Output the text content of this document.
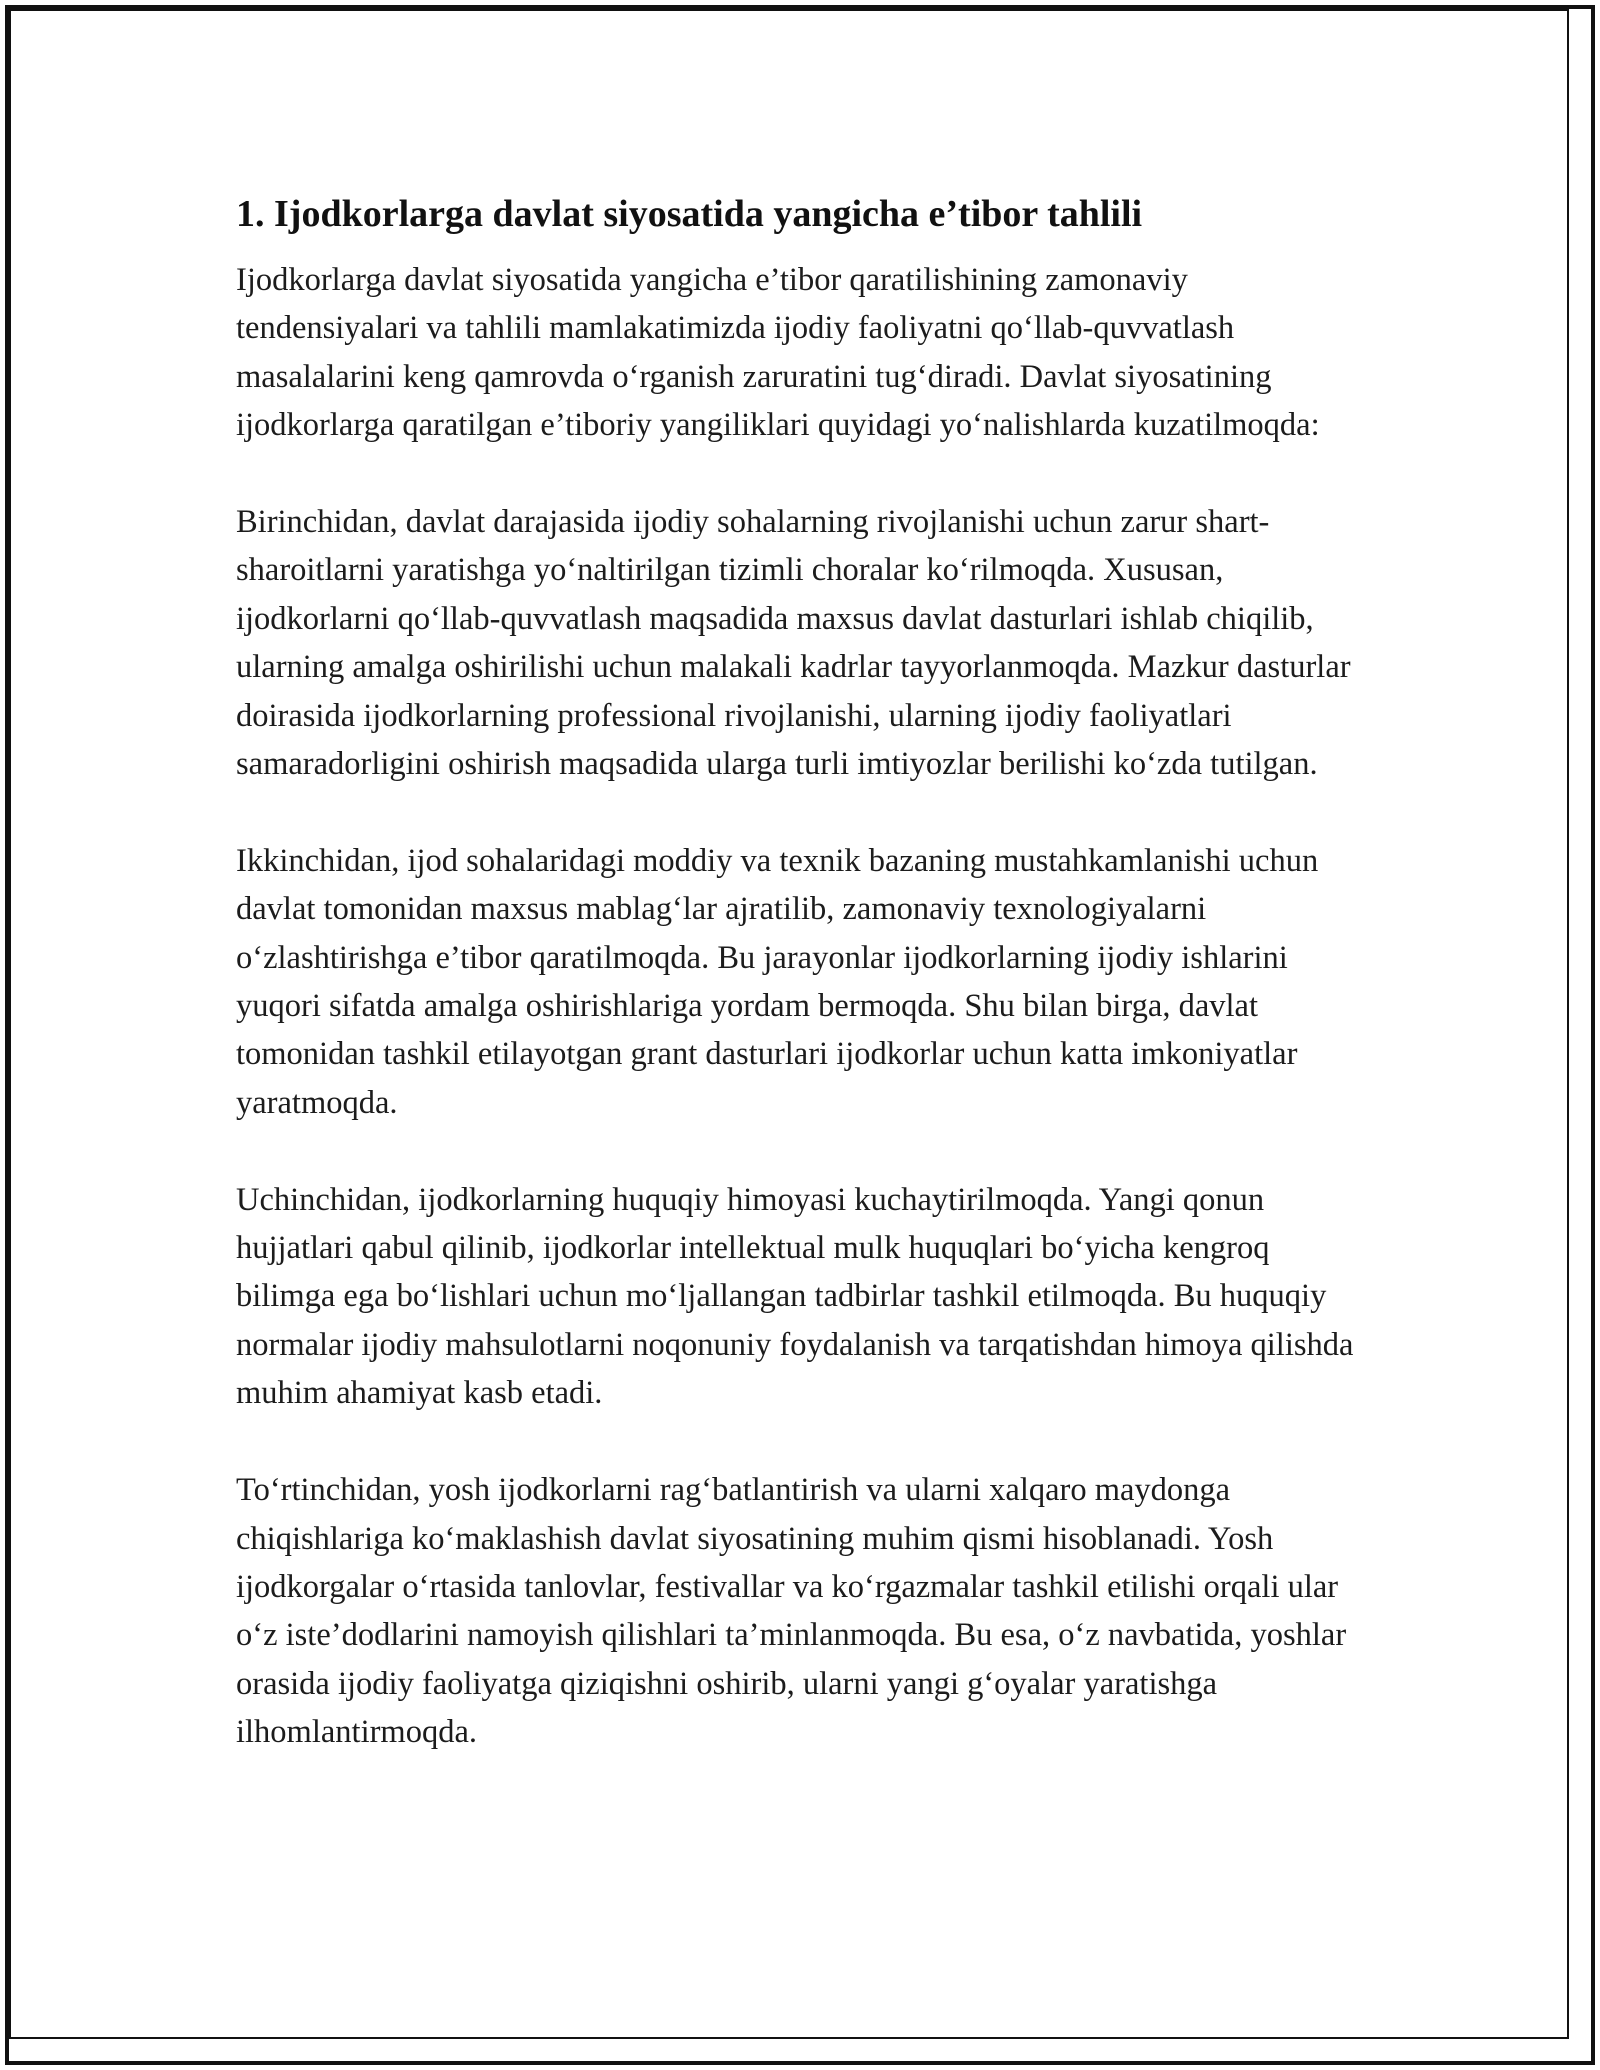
1. Ijodkorlarga davlat siyosatida yangicha e’tibor tahlili

Ijodkorlarga davlat siyosatida yangicha e’tibor qaratilishining zamonaviy tendensiyalari va tahlili mamlakatimizda ijodiy faoliyatni qo‘llab-quvvatlash masalalarini keng qamrovda o‘rganish zaruratini tug‘diradi. Davlat siyosatining ijodkorlarga qaratilgan e’tiboriy yangiliklari quyidagi yo‘nalishlarda kuzatilmoqda:

Birinchidan, davlat darajasida ijodiy sohalarning rivojlanishi uchun zarur shart-sharoitlarni yaratishga yo‘naltirilgan tizimli choralar ko‘rilmoqda. Xususan, ijodkorlarni qo‘llab-quvvatlash maqsadida maxsus davlat dasturlari ishlab chiqilib, ularning amalga oshirilishi uchun malakali kadrlar tayyorlanmoqda. Mazkur dasturlar doirasida ijodkorlarning professional rivojlanishi, ularning ijodiy faoliyatlari samaradorligini oshirish maqsadida ularga turli imtiyozlar berilishi ko‘zda tutilgan.

Ikkinchidan, ijod sohalaridagi moddiy va texnik bazaning mustahkamlanishi uchun davlat tomonidan maxsus mablag‘lar ajratilib, zamonaviy texnologiyalarni o‘zlashtirishga e’tibor qaratilmoqda. Bu jarayonlar ijodkorlarning ijodiy ishlarini yuqori sifatda amalga oshirishlariga yordam bermoqda. Shu bilan birga, davlat tomonidan tashkil etilayotgan grant dasturlari ijodkorlar uchun katta imkoniyatlar yaratmoqda.

Uchinchidan, ijodkorlarning huquqiy himoyasi kuchaytirilmoqda. Yangi qonun hujjatlari qabul qilinib, ijodkorlar intellektual mulk huquqlari bo‘yicha kengroq bilimga ega bo‘lishlari uchun mo‘ljallangan tadbirlar tashkil etilmoqda. Bu huquqiy normalar ijodiy mahsulotlarni noqonuniy foydalanish va tarqatishdan himoya qilishda muhim ahamiyat kasb etadi.

To‘rtinchidan, yosh ijodkorlarni rag‘batlantirish va ularni xalqaro maydonga chiqishlariga ko‘maklashish davlat siyosatining muhim qismi hisoblanadi. Yosh ijodkorgalar o‘rtasida tanlovlar, festivallar va ko‘rgazmalar tashkil etilishi orqali ular o‘z iste’dodlarini namoyish qilishlari ta’minlanmoqda. Bu esa, o‘z navbatida, yoshlar orasida ijodiy faoliyatga qiziqishni oshirib, ularni yangi g‘oyalar yaratishga ilhomlantirmoqda.
